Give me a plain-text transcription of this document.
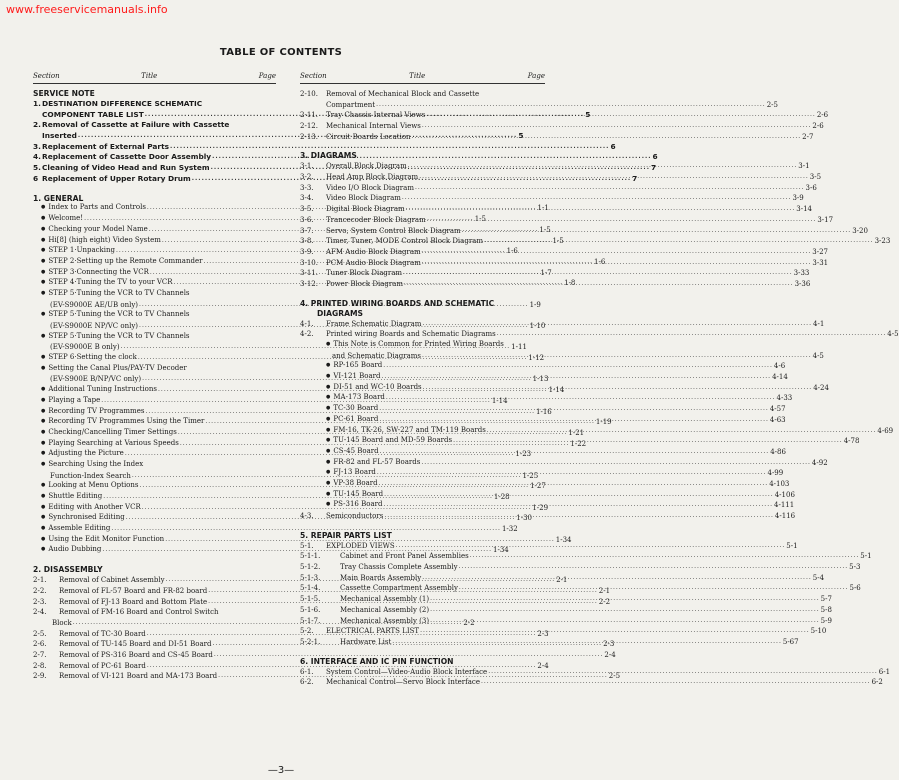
www.freeservicemanuals.info
TABLE OF CONTENTS
Section	Title	Page
SERVICE NOTE
1. DESTINATION DIFFERENCE SCHEMATIC
COMPONENT TABLE LIST .....	5
2. Removal of Cassette at Failure with Cassette
Inserted .....	5
3. Replacement of External Parts .....	6
4. Replacement of Cassette Door Assembly .....	6
5. Cleaning of Video Head and Run System .....	7
6 Replacement of Upper Rotary Drum .....	7
1. GENERAL
● Index to Parts and Controls .....	1-1
● Welcome! .....	1-5
● Checking your Model Name .....	1-5
● Hi[8] (high eight) Video System .....	1-5
● STEP 1·Unpacking .....	1-6
● STEP 2·Setting up the Remote Commander .....	1-6
● STEP 3·Connecting the VCR .....	1-7
● STEP 4·Tuning the TV to your VCR .....	1-8
● STEP 5·Tuning the VCR to TV Channels
(EV-S9000E AE/UB only) .....	1-9
● STEP 5·Tuning the VCR to TV Channels
(EV-S9000E NP/VC only) .....	1-10
● STEP 5·Tuning the VCR to TV Channels
(EV-S9000E B only) .....	1-11
● STEP 6·Setting the clock .....	1-12
● Setting the Canal Plus/PAY-TV Decoder
(EV-S900E B/NP/VC only) .....	1-13
● Additional Tuning Instructions .....	1-14
● Playing a Tape .....	1-14
● Recording TV Programmes .....	1-16
● Recording TV Programmes Using the Timer .....	1-19
● Checking/Cancelling Timer Settings .....	1-21
● Playing Searching at Various Speeds .....	1-22
● Adjusting the Picture .....	1-23
● Searching Using the Index
Function-Index Search .....	1-25
● Looking at Menu Options .....	1-27
● Shuttle Editing .....	1-28
● Editing with Another VCR .....	1-29
● Synchronised Editing .....	1-30
● Assemble Editing .....	1-32
● Using the Edit Monitor Function .....	1-34
● Audio Dubbing .....	1-34
2. DISASSEMBLY
2-1.	Removal of Cabinet Assembly .....	2-1
2-2.	Removal of FL-57 Board and FR-82 board .....	2-1
2-3.	Removal of FJ-13 Board and Bottom Plate .....	2-2
2-4.	Removal of FM-16 Board and Control Switch
Block .....	2-2
2-5.	Removal of TC-30 Board .....	2-3
2-6.	Removal of TU-145 Board and DI-51 Board .....	2-3
2-7.	Removal of PS-316 Board and CS-45 Board .....	2-4
2-8.	Removal of PC-61 Board .....	2-4
2-9.	Removal of VI-121 Board and MA-173 Board .....	2-5
Section	Title	Page
2-10.	Removal of Mechanical Block and Cassette
Compartment .....	2-5
2-11.	Tray Chassis Internal Views .....	2-6
2-12.	Mechanical Internal Views .....	2-6
2-13.	Circuit Boards Location .....	2-7
3. DIAGRAMS
3-1.	Overall Block Diagram .....	3-1
3-2.	Head Amp Block Diagram .....	3-5
3-3.	Video I/O Block Diagram .....	3-6
3-4.	Video Block Diagram .....	3-9
3-5.	Digital Block Diagram .....	3-14
3-6.	Trancecoder Block Diagram .....	3-17
3-7.	Servo, System Control Block Diagram .....	3-20
3-8.	Timer, Tuner, MODE Control Block Diagram .....	3-23
3-9.	AFM Audio Block Diagram .....	3-27
3-10.	PCM Audio Block Diagram .....	3-31
3-11.	Tuner Block Diagram .....	3-33
3-12.	Power Block Diagram .....	3-36
4. PRINTED WIRING BOARDS AND SCHEMATIC
DIAGRAMS
4-1.	Frame Schematic Diagram .....	4-1
4-2.	Printed wiring Boards and Schematic Diagrams .....	4-5
● This Note is Common for Printed Wiring Boards
and Schematic Diagrams .....	4-5
● RP-165 Board .....	4-6
● VI-121 Board .....	4-14
● DI-51 and WC-10 Boards .....	4-24
● MA-173 Board .....	4-33
● TC-30 Board .....	4-57
● PC-61 Board .....	4-63
● FM-16, TK-26, SW-227 and TM-119 Boards .....	4-69
● TU-145 Board and MD-59 Boards .....	4-78
● CS-45 Board .....	4-86
● FR-82 and FL-57 Boards .....	4-92
● FJ-13 Board .....	4-99
● VP-38 Board .....	4-103
● TU-145 Board .....	4-106
● PS-316 Board .....	4-111
4-3.	Semiconductors .....	4-116
5. REPAIR PARTS LIST
5-1.	EXPLODED VIEWS .....	5-1
5-1-1.	Cabinet and Front Panel Assemblies .....	5-1
5-1-2.	Tray Chassis Complete Assembly .....	5-3
5-1-3.	Main Boards Assembly .....	5-4
5-1-4.	Cassette Compartment Assembly .....	5-6
5-1-5.	Mechanical Assembly (1) .....	5-7
5-1-6.	Mechanical Assembly (2) .....	5-8
5-1-7.	Mechanical Assembly (3) .....	5-9
5-2.	ELECTRICAL PARTS LIST .....	5-10
5-2-1.	Hardware List .....	5-67
6. INTERFACE AND IC PIN FUNCTION
6-1.	System Control—Video·Audio Block Interface .....	6-1
6-2.	Mechanical Control—Servo Block Interface .....	6-2
—3—
